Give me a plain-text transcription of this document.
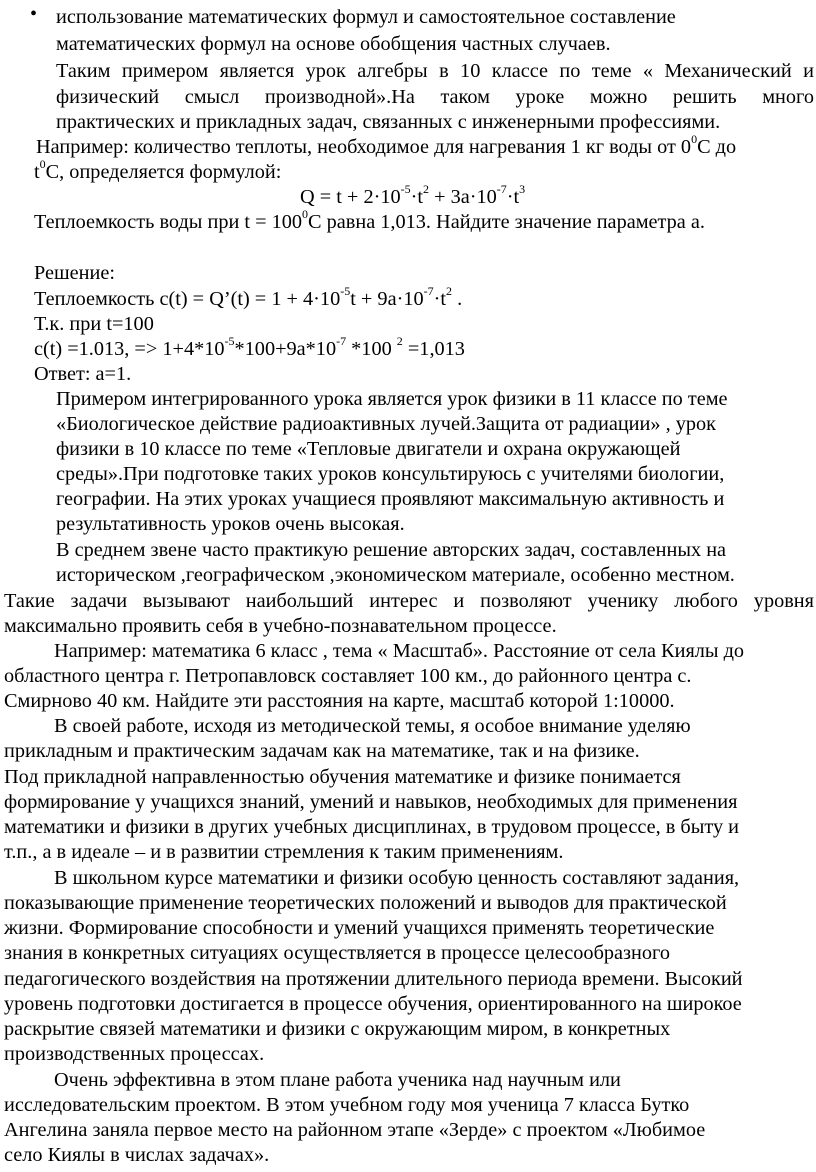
• использование математических формул и самостоятельное составление
математических формул на основе обобщения частных случаев.
Таким примером является урок алгебры в 10 классе по теме « Механический и
физический смысл производной».На таком уроке можно решить много
практических и прикладных задач, связанных с инженерными профессиями.
Например: количество теплоты, необходимое для нагревания 1 кг воды от $0^0С$ до
$t^0С$, определяется формулой:
$Q = t + 2\cdot 10^{-5}\cdot t^2 + 3a\cdot 10^{-7}\cdot t^3$
Теплоемкость воды при $t = 100^0С$ равна 1,013. Найдите значение параметра а.
Решение:
Теплоемкость c(t) = Q’(t) = $1 + 4\cdot 10^{-5}t + 9a\cdot 10^{-7}\cdot t^2$ .
Т.к. при t=100
c(t) =1.013, => $1+4*10^{-5}*100+9a*10^{-7}$ *100 $^2$ =1,013
Ответ: a=1.
Примером интегрированного урока является урок физики в 11 классе по теме
«Биологическое действие радиоактивных лучей.Защита от радиации» , урок
физики в 10 классе по теме «Тепловые двигатели и охрана окружающей
среды».При подготовке таких уроков консультируюсь с учителями биологии,
географии. На этих уроках учащиеся проявляют максимальную активность и
результативность уроков очень высокая.
В среднем звене часто практикую решение авторских задач, составленных на
историческом ,географическом ,экономическом материале, особенно местном.
Такие задачи вызывают наибольший интерес и позволяют ученику любого уровня
максимально проявить себя в учебно-познавательном процессе.
Например: математика 6 класс , тема « Масштаб». Расстояние от села Киялы до
областного центра г. Петропавловск составляет 100 км., до районного центра с.
Смирново 40 км. Найдите эти расстояния на карте, масштаб которой 1:10000.
В своей работе, исходя из методической темы, я особое внимание уделяю
прикладным и практическим задачам как на математике, так и на физике.
Под прикладной направленностью обучения математике и физике понимается
формирование у учащихся знаний, умений и навыков, необходимых для применения
математики и физики в других учебных дисциплинах, в трудовом процессе, в быту и
т.п., а в идеале – и в развитии стремления к таким применениям.
В школьном курсе математики и физики особую ценность составляют задания,
показывающие применение теоретических положений и выводов для практической
жизни. Формирование способности и умений учащихся применять теоретические
знания в конкретных ситуациях осуществляется в процессе целесообразного
педагогического воздействия на протяжении длительного периода времени. Высокий
уровень подготовки достигается в процессе обучения, ориентированного на широкое
раскрытие связей математики и физики с окружающим миром, в конкретных
производственных процессах.
Очень эффективна в этом плане работа ученика над научным или
исследовательским проектом. В этом учебном году моя ученица 7 класса Бутко
Ангелина заняла первое место на районном этапе «Зерде» с проектом «Любимое
село Киялы в числах задачах».
